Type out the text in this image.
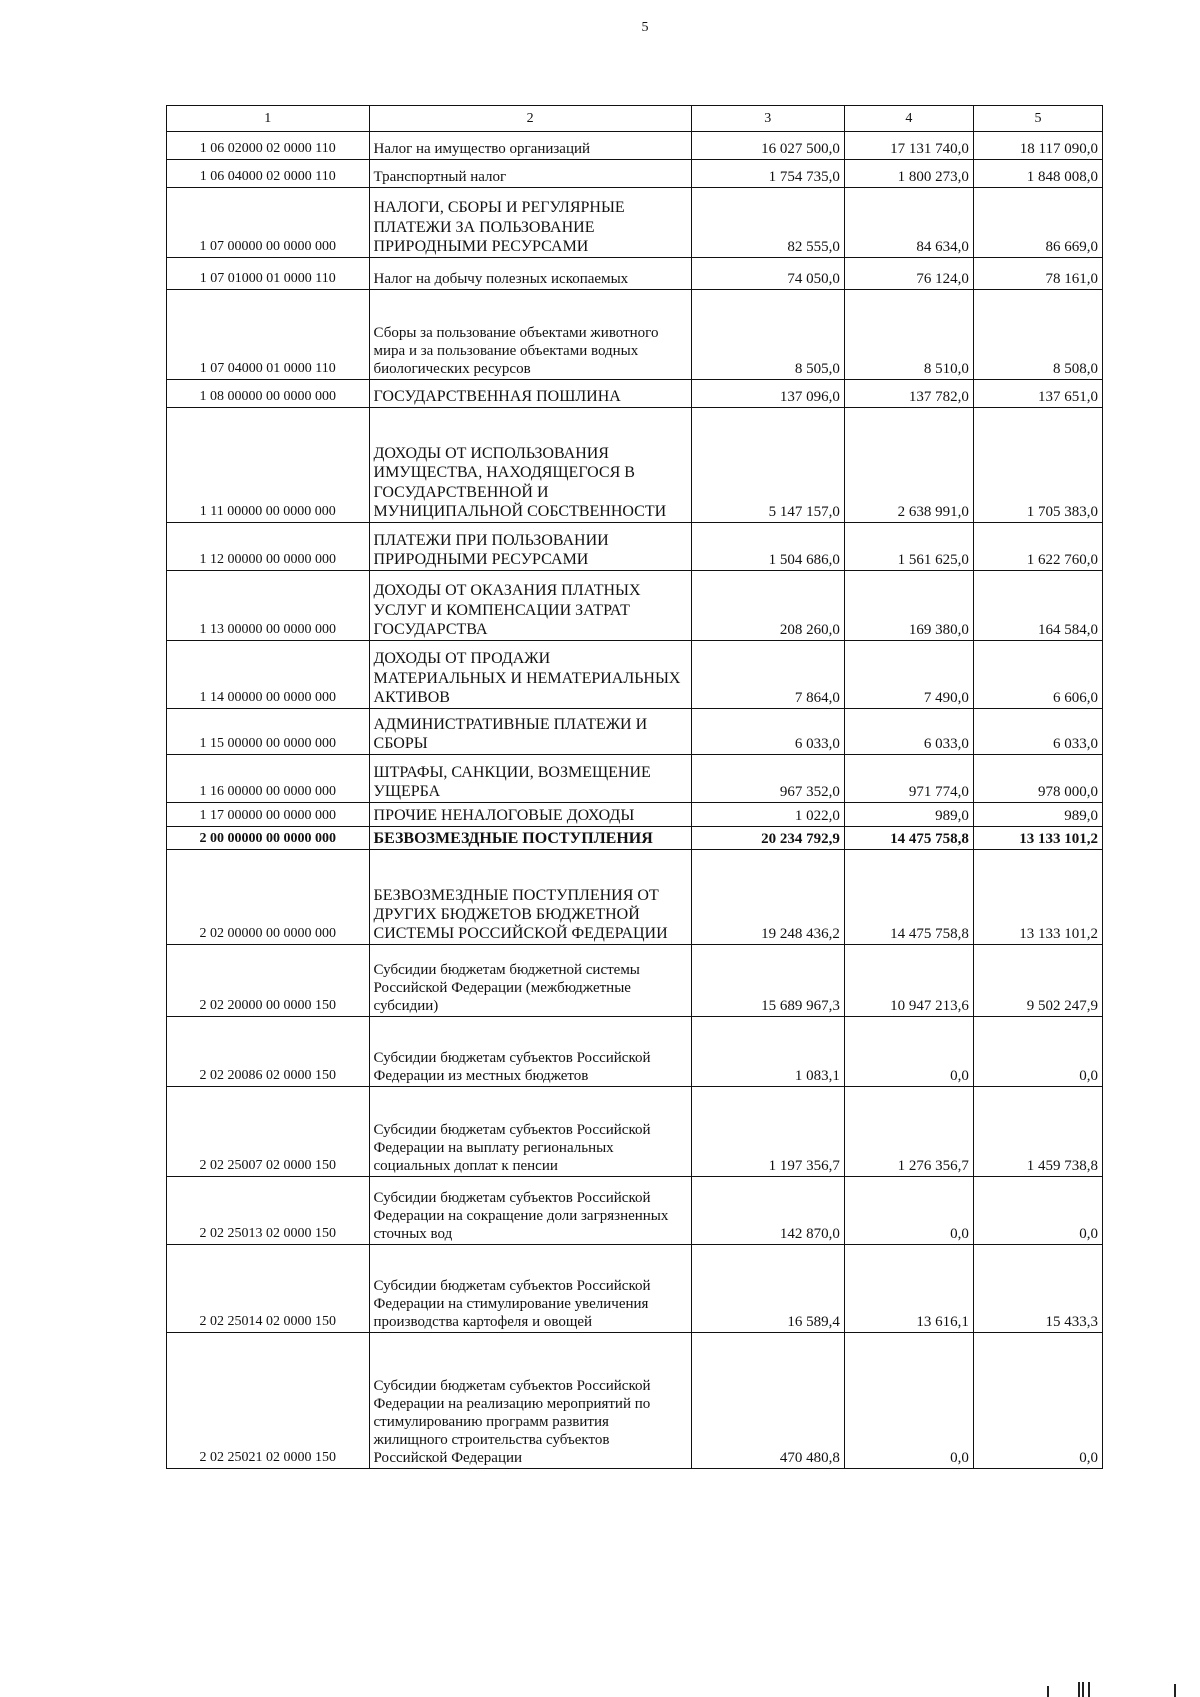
5
1	2	3	4	5
1 06 02000 02 0000 110	Налог на имущество организаций	16 027 500,0	17 131 740,0	18 117 090,0
1 06 04000 02 0000 110	Транспортный налог	1 754 735,0	1 800 273,0	1 848 008,0
1 07 00000 00 0000 000	НАЛОГИ, СБОРЫ И РЕГУЛЯРНЫЕ ПЛАТЕЖИ ЗА ПОЛЬЗОВАНИЕ ПРИРОДНЫМИ РЕСУРСАМИ	82 555,0	84 634,0	86 669,0
1 07 01000 01 0000 110	Налог на добычу полезных ископаемых	74 050,0	76 124,0	78 161,0
1 07 04000 01 0000 110	Сборы за пользование объектами животного мира и за пользование объектами водных биологических ресурсов	8 505,0	8 510,0	8 508,0
1 08 00000 00 0000 000	ГОСУДАРСТВЕННАЯ ПОШЛИНА	137 096,0	137 782,0	137 651,0
1 11 00000 00 0000 000	ДОХОДЫ ОТ ИСПОЛЬЗОВАНИЯ ИМУЩЕСТВА, НАХОДЯЩЕГОСЯ В ГОСУДАРСТВЕННОЙ И МУНИЦИПАЛЬНОЙ СОБСТВЕННОСТИ	5 147 157,0	2 638 991,0	1 705 383,0
1 12 00000 00 0000 000	ПЛАТЕЖИ ПРИ ПОЛЬЗОВАНИИ ПРИРОДНЫМИ РЕСУРСАМИ	1 504 686,0	1 561 625,0	1 622 760,0
1 13 00000 00 0000 000	ДОХОДЫ ОТ ОКАЗАНИЯ ПЛАТНЫХ УСЛУГ И КОМПЕНСАЦИИ ЗАТРАТ ГОСУДАРСТВА	208 260,0	169 380,0	164 584,0
1 14 00000 00 0000 000	ДОХОДЫ ОТ ПРОДАЖИ МАТЕРИАЛЬНЫХ И НЕМАТЕРИАЛЬНЫХ АКТИВОВ	7 864,0	7 490,0	6 606,0
1 15 00000 00 0000 000	АДМИНИСТРАТИВНЫЕ ПЛАТЕЖИ И СБОРЫ	6 033,0	6 033,0	6 033,0
1 16 00000 00 0000 000	ШТРАФЫ, САНКЦИИ, ВОЗМЕЩЕНИЕ УЩЕРБА	967 352,0	971 774,0	978 000,0
1 17 00000 00 0000 000	ПРОЧИЕ НЕНАЛОГОВЫЕ ДОХОДЫ	1 022,0	989,0	989,0
2 00 00000 00 0000 000	БЕЗВОЗМЕЗДНЫЕ ПОСТУПЛЕНИЯ	20 234 792,9	14 475 758,8	13 133 101,2
2 02 00000 00 0000 000	БЕЗВОЗМЕЗДНЫЕ ПОСТУПЛЕНИЯ ОТ ДРУГИХ БЮДЖЕТОВ БЮДЖЕТНОЙ СИСТЕМЫ РОССИЙСКОЙ ФЕДЕРАЦИИ	19 248 436,2	14 475 758,8	13 133 101,2
2 02 20000 00 0000 150	Субсидии бюджетам бюджетной системы Российской Федерации (межбюджетные субсидии)	15 689 967,3	10 947 213,6	9 502 247,9
2 02 20086 02 0000 150	Субсидии бюджетам субъектов Российской Федерации из местных бюджетов	1 083,1	0,0	0,0
2 02 25007 02 0000 150	Субсидии бюджетам субъектов Российской Федерации на выплату региональных социальных доплат к пенсии	1 197 356,7	1 276 356,7	1 459 738,8
2 02 25013 02 0000 150	Субсидии бюджетам субъектов Российской Федерации на сокращение доли загрязненных сточных вод	142 870,0	0,0	0,0
2 02 25014 02 0000 150	Субсидии бюджетам субъектов Российской Федерации на стимулирование увеличения производства картофеля и овощей	16 589,4	13 616,1	15 433,3
2 02 25021 02 0000 150	Субсидии бюджетам субъектов Российской Федерации на реализацию мероприятий по стимулированию программ развития жилищного строительства субъектов Российской Федерации	470 480,8	0,0	0,0
